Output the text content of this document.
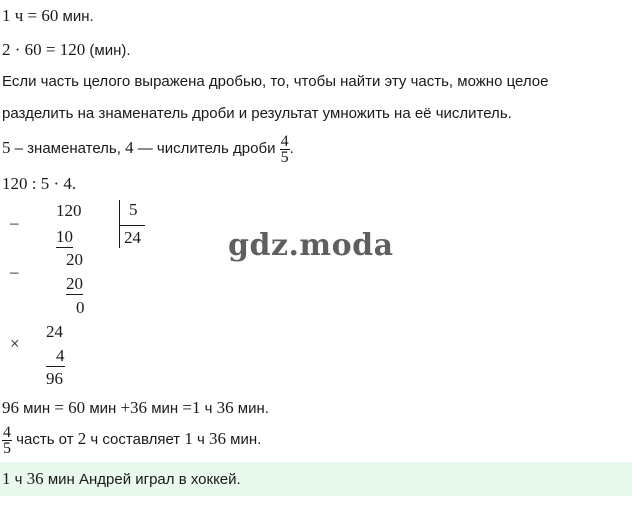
1 ч = 60 мин.
2 · 60 = 120 (мин).
Если часть целого выражена дробью, то, чтобы найти эту часть, можно целое
разделить на знаменатель дроби и результат умножить на её числитель.
5 – знаменатель, 4 — числитель дроби $\frac{4}{5}$ .
120 : 5 · 4.
–
120	5
24
10
–
20
20
0
gdz.moda
×
24
4
96
96 мин = 60 мин +36 мин =1 ч 36 мин.
$\frac{4}{5}$ часть от 2 ч составляет 1 ч 36 мин.
1 ч 36 мин Андрей играл в хоккей.
